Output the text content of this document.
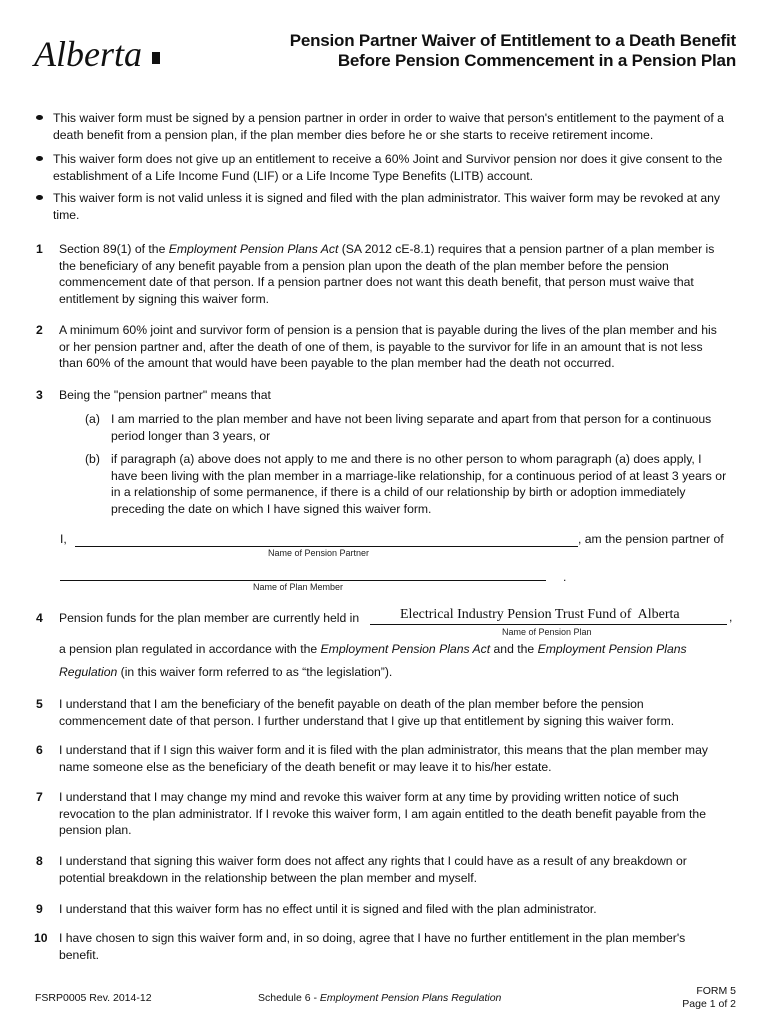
Alberta	Pension Partner Waiver of Entitlement to a Death Benefit
Before Pension Commencement in a Pension Plan
This waiver form must be signed by a pension partner in order in order to waive that person's entitlement to the payment of a death benefit from a pension plan, if the plan member dies before he or she starts to receive retirement income.
This waiver form does not give up an entitlement to receive a 60% Joint and Survivor pension nor does it give consent to the establishment of a Life Income Fund (LIF) or a Life Income Type Benefits (LITB) account.
This waiver form is not valid unless it is signed and filed with the plan administrator. This waiver form may be revoked at any time.
1 Section 89(1) of the Employment Pension Plans Act (SA 2012 cE-8.1) requires that a pension partner of a plan member is the beneficiary of any benefit payable from a pension plan upon the death of the plan member before the pension commencement date of that person. If a pension partner does not want this death benefit, that person must waive that entitlement by signing this waiver form.
2 A minimum 60% joint and survivor form of pension is a pension that is payable during the lives of the plan member and his or her pension partner and, after the death of one of them, is payable to the survivor for life in an amount that is not less than 60% of the amount that would have been payable to the plan member had the death not occurred.
3 Being the "pension partner" means that
(a) I am married to the plan member and have not been living separate and apart from that person for a continuous period longer than 3 years, or
(b) if paragraph (a) above does not apply to me and there is no other person to whom paragraph (a) does apply, I have been living with the plan member in a marriage-like relationship, for a continuous period of at least 3 years or in a relationship of some permanence, if there is a child of our relationship by birth or adoption immediately preceding the date on which I have signed this waiver form.
I,	, am the pension partner of
Name of Pension Partner
.
Name of Plan Member
4 Pension funds for the plan member are currently held in	Electrical Industry Pension Trust Fund of  Alberta	,
Name of Pension Plan
a pension plan regulated in accordance with the Employment Pension Plans Act and the Employment Pension Plans Regulation (in this waiver form referred to as “the legislation”).
5 I understand that I am the beneficiary of the benefit payable on death of the plan member before the pension commencement date of that person. I further understand that I give up that entitlement by signing this waiver form.
6 I understand that if I sign this waiver form and it is filed with the plan administrator, this means that the plan member may name someone else as the beneficiary of the death benefit or may leave it to his/her estate.
7 I understand that I may change my mind and revoke this waiver form at any time by providing written notice of such revocation to the plan administrator. If I revoke this waiver form, I am again entitled to the death benefit payable from the pension plan.
8 I understand that signing this waiver form does not affect any rights that I could have as a result of any breakdown or potential breakdown in the relationship between the plan member and myself.
9 I understand that this waiver form has no effect until it is signed and filed with the plan administrator.
10 I have chosen to sign this waiver form and, in so doing, agree that I have no further entitlement in the plan member's benefit.
FSRP0005 Rev. 2014-12	Schedule 6 - Employment Pension Plans Regulation
FORM 5
Page 1 of 2
